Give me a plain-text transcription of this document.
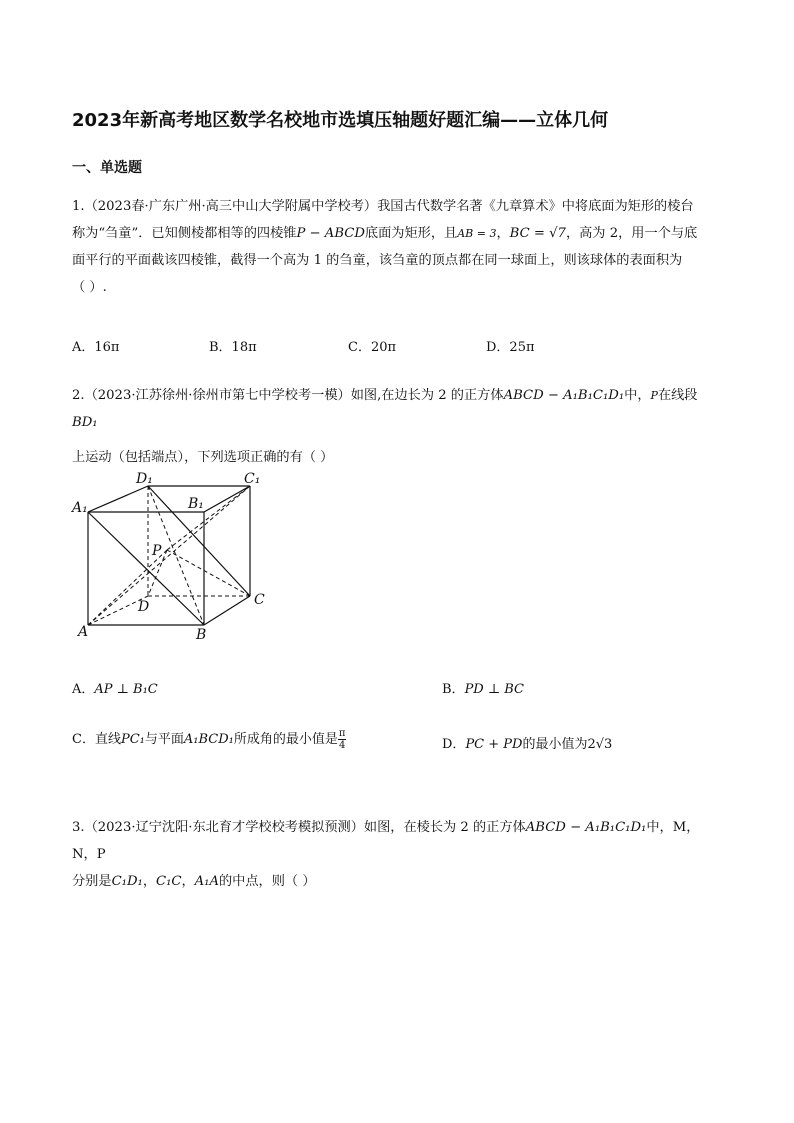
2023年新高考地区数学名校地市选填压轴题好题汇编——立体几何
一、单选题
1.（2023春·广东广州·高三中山大学附属中学校考）我国古代数学名著《九章算术》中将底面为矩形的棱台
称为“刍童”．已知侧棱都相等的四棱锥P − ABCD底面为矩形，且AB = 3，BC = √7，高为 2，用一个与底
面平行的平面截该四棱锥，截得一个高为 1 的刍童，该刍童的顶点都在同一球面上，则该球体的表面积为
（ ）.
A．16π	B．18π	C．20π	D．25π
2.（2023·江苏徐州·徐州市第七中学校考一模）如图,在边长为 2 的正方体ABCD − A₁B₁C₁D₁中，P在线段BD₁
上运动（包括端点），下列选项正确的有（ ）
D₁	C₁
A₁	B₁
P
D	C
A	B
A．AP ⊥ B₁C	B．PD ⊥ BC
C．直线PC₁与平面A₁BCD₁所成角的最小值是 $\frac{\pi}{4}$	D．PC + PD的最小值为2√3
3.（2023·辽宁沈阳·东北育才学校校考模拟预测）如图，在棱长为 2 的正方体ABCD − A₁B₁C₁D₁中，M，N，P
分别是C₁D₁，C₁C，A₁A的中点，则（ ）
